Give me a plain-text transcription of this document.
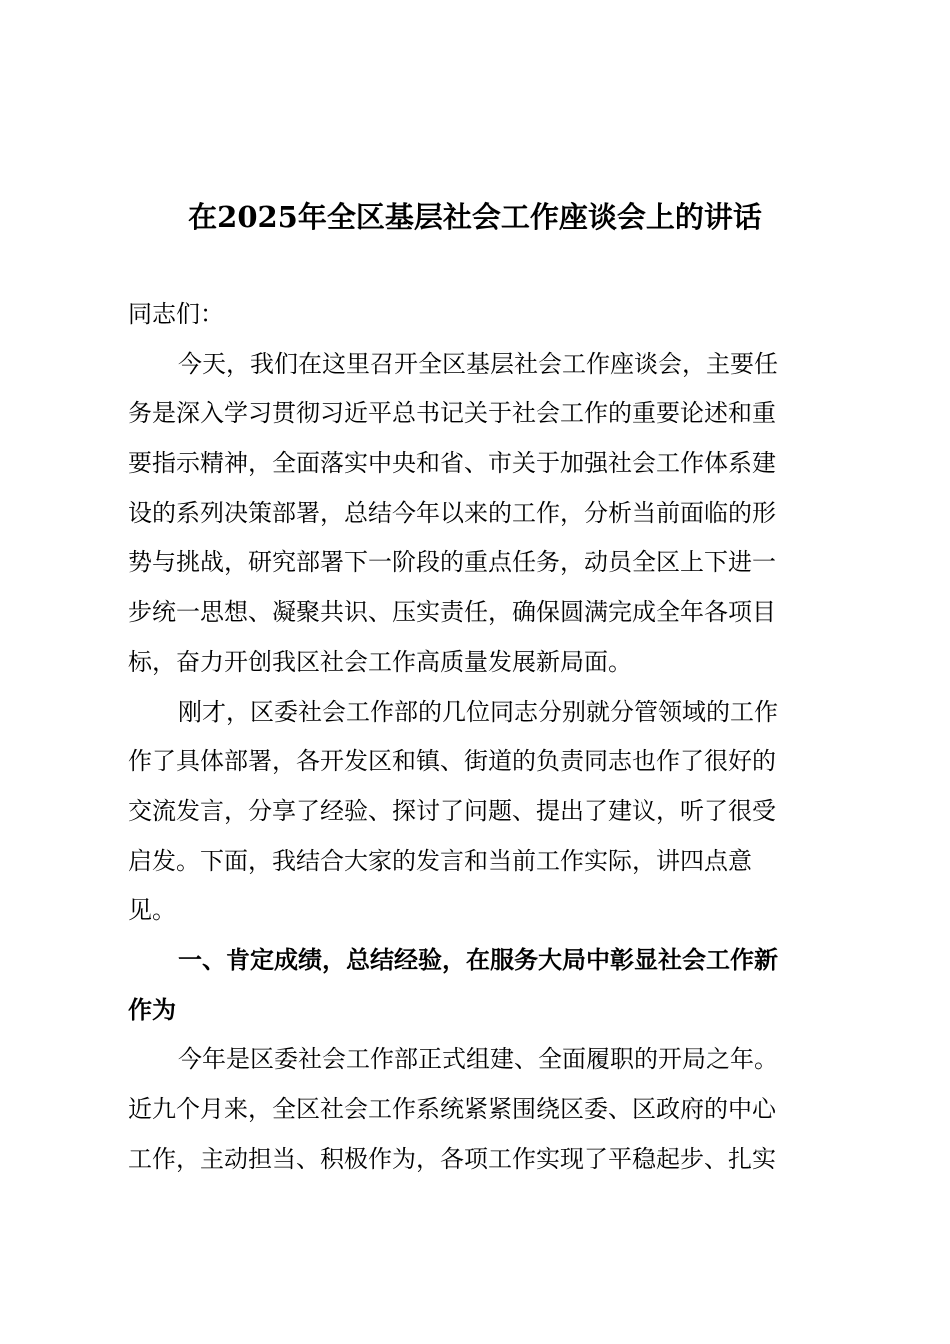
在2025年全区基层社会工作座谈会上的讲话
同志们：
今天，我们在这里召开全区基层社会工作座谈会，主要任
务是深入学习贯彻习近平总书记关于社会工作的重要论述和重
要指示精神，全面落实中央和省、市关于加强社会工作体系建
设的系列决策部署，总结今年以来的工作，分析当前面临的形
势与挑战，研究部署下一阶段的重点任务，动员全区上下进一
步统一思想、凝聚共识、压实责任，确保圆满完成全年各项目
标，奋力开创我区社会工作高质量发展新局面。
刚才，区委社会工作部的几位同志分别就分管领域的工作
作了具体部署，各开发区和镇、街道的负责同志也作了很好的
交流发言，分享了经验、探讨了问题、提出了建议，听了很受
启发。下面，我结合大家的发言和当前工作实际，讲四点意
见。
一、肯定成绩，总结经验，在服务大局中彰显社会工作新
作为
今年是区委社会工作部正式组建、全面履职的开局之年。
近九个月来，全区社会工作系统紧紧围绕区委、区政府的中心
工作，主动担当、积极作为，各项工作实现了平稳起步、扎实
